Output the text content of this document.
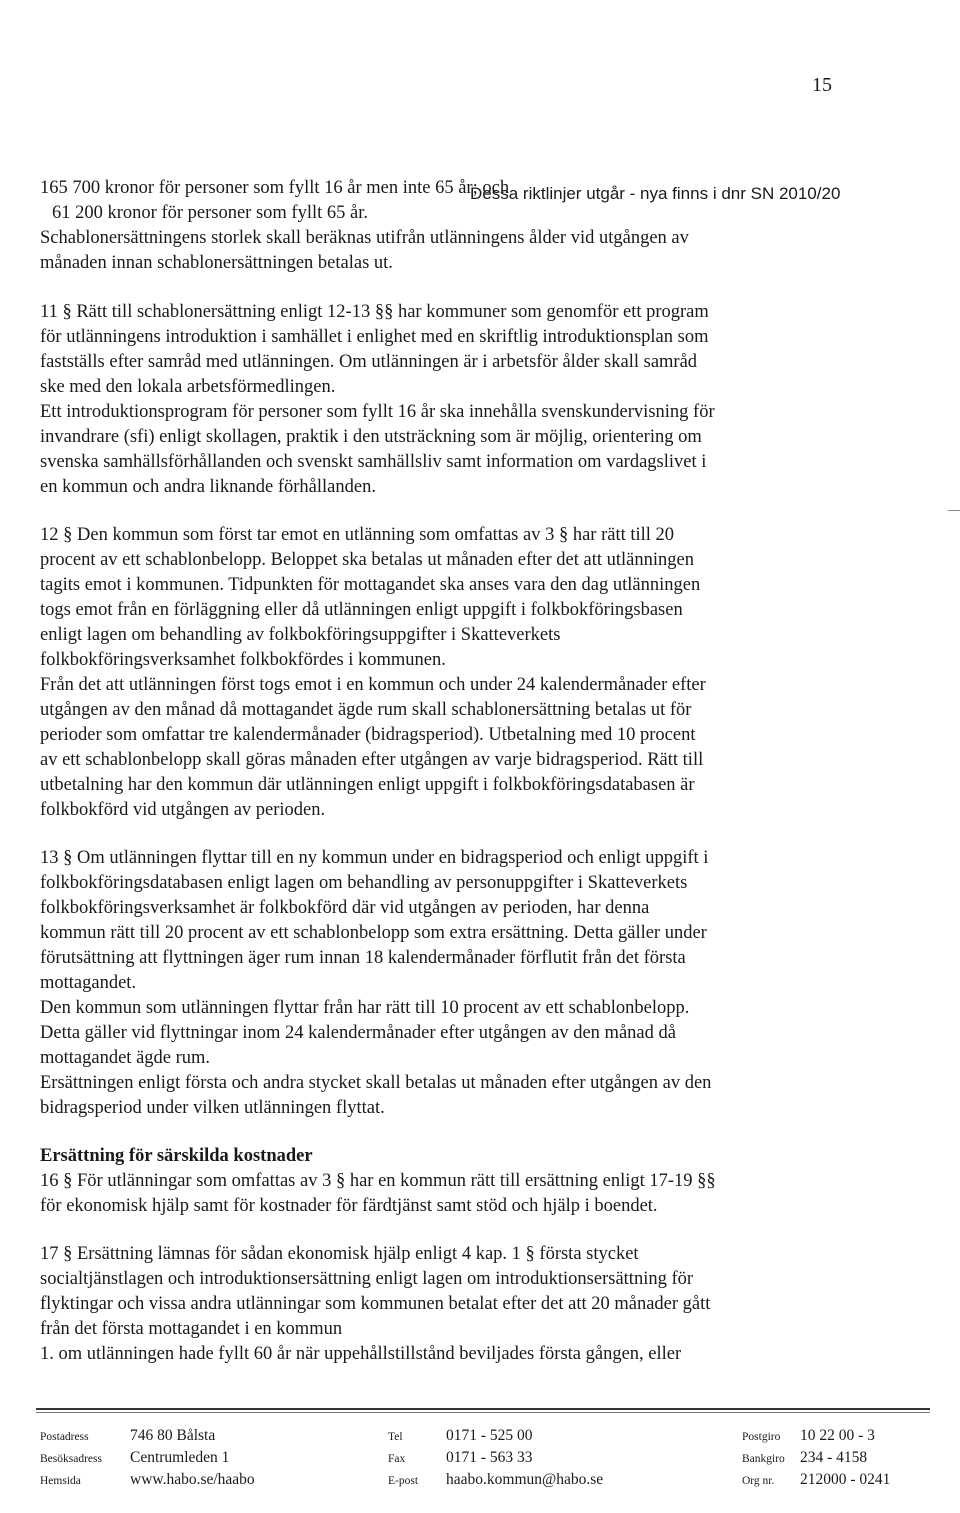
15
165 700 kronor för personer som fyllt 16 år men inte 65 år; och
Dessa riktlinjer utgår - nya finns i dnr SN 2010/20
61 200 kronor för personer som fyllt 65 år.
Schablonersättningens storlek skall beräknas utifrån utlänningens ålder vid utgången av
månaden innan schablonersättningen betalas ut.
11 § Rätt till schablonersättning enligt 12-13 §§ har kommuner som genomför ett program
för utlänningens introduktion i samhället i enlighet med en skriftlig introduktionsplan som
fastställs efter samråd med utlänningen. Om utlänningen är i arbetsför ålder skall samråd
ske med den lokala arbetsförmedlingen.
Ett introduktionsprogram för personer som fyllt 16 år ska innehålla svenskundervisning för
invandrare (sfi) enligt skollagen, praktik i den utsträckning som är möjlig, orientering om
svenska samhällsförhållanden och svenskt samhällsliv samt information om vardagslivet i
en kommun och andra liknande förhållanden.
12 § Den kommun som först tar emot en utlänning som omfattas av 3 § har rätt till 20
procent av ett schablonbelopp. Beloppet ska betalas ut månaden efter det att utlänningen
tagits emot i kommunen. Tidpunkten för mottagandet ska anses vara den dag utlänningen
togs emot från en förläggning eller då utlänningen enligt uppgift i folkbokföringsbasen
enligt lagen om behandling av folkbokföringsuppgifter i Skatteverkets
folkbokföringsverksamhet folkbokfördes i kommunen.
Från det att utlänningen först togs emot i en kommun och under 24 kalendermånader efter
utgången av den månad då mottagandet ägde rum skall schablonersättning betalas ut för
perioder som omfattar tre kalendermånader (bidragsperiod). Utbetalning med 10 procent
av ett schablonbelopp skall göras månaden efter utgången av varje bidragsperiod. Rätt till
utbetalning har den kommun där utlänningen enligt uppgift i folkbokföringsdatabasen är
folkbokförd vid utgången av perioden.
13 § Om utlänningen flyttar till en ny kommun under en bidragsperiod och enligt uppgift i
folkbokföringsdatabasen enligt lagen om behandling av personuppgifter i Skatteverkets
folkbokföringsverksamhet är folkbokförd där vid utgången av perioden, har denna
kommun rätt till 20 procent av ett schablonbelopp som extra ersättning. Detta gäller under
förutsättning att flyttningen äger rum innan 18 kalendermånader förflutit från det första
mottagandet.
Den kommun som utlänningen flyttar från har rätt till 10 procent av ett schablonbelopp.
Detta gäller vid flyttningar inom 24 kalendermånader efter utgången av den månad då
mottagandet ägde rum.
Ersättningen enligt första och andra stycket skall betalas ut månaden efter utgången av den
bidragsperiod under vilken utlänningen flyttat.
Ersättning för särskilda kostnader
16 § För utlänningar som omfattas av 3 § har en kommun rätt till ersättning enligt 17-19 §§
för ekonomisk hjälp samt för kostnader för färdtjänst samt stöd och hjälp i boendet.
17 § Ersättning lämnas för sådan ekonomisk hjälp enligt 4 kap. 1 § första stycket
socialtjänstlagen och introduktionsersättning enligt lagen om introduktionsersättning för
flyktingar och vissa andra utlänningar som kommunen betalat efter det att 20 månader gått
från det första mottagandet i en kommun
1. om utlänningen hade fyllt 60 år när uppehållstillstånd beviljades första gången, eller
Postadress	746 80 Bålsta	Tel	0171 - 525 00	Postgiro 10 22 00 - 3
Besöksadress Centrumleden 1	Fax	0171 - 563 33	Bankgiro 234 - 4158
Hemsida	www.habo.se/haabo	E-post haabo.kommun@habo.se	Org nr. 212000 - 0241
